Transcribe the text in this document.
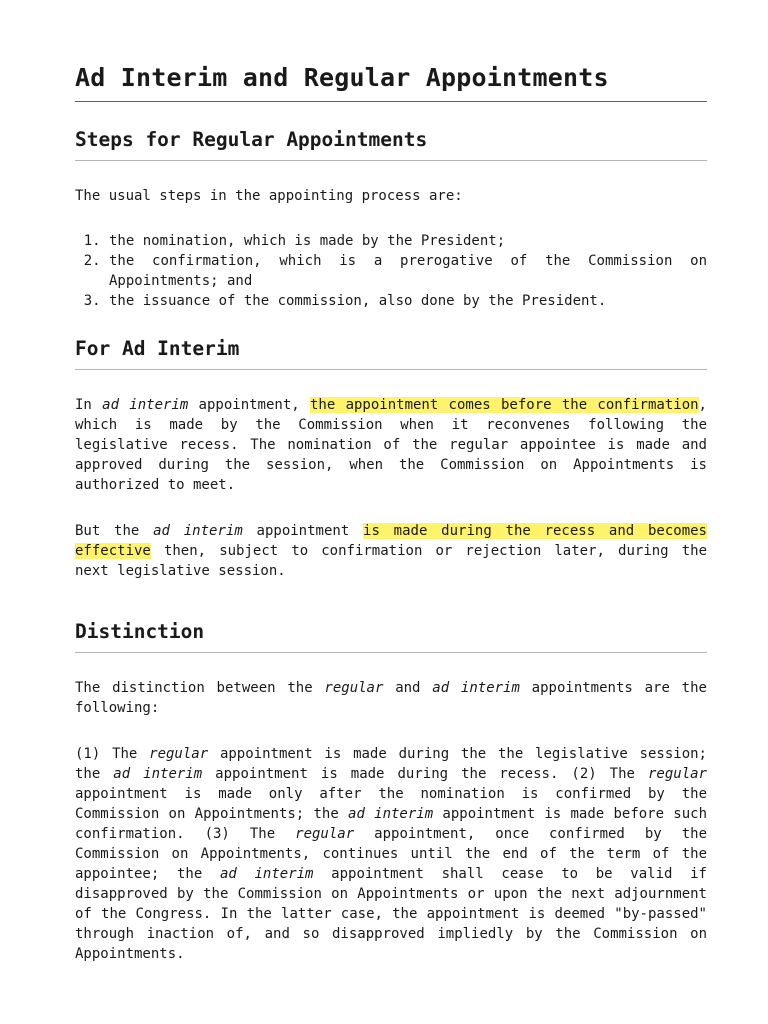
Ad Interim and Regular Appointments
Steps for Regular Appointments

The usual steps in the appointing process are:

1. the nomination, which is made by the President;
2. the confirmation, which is a prerogative of the Commission on Appointments; and
3. the issuance of the commission, also done by the President.
For Ad Interim

In ad interim appointment, the appointment comes before the confirmation, which is made by the Commission when it reconvenes following the legislative recess. The nomination of the regular appointee is made and approved during the session, when the Commission on Appointments is authorized to meet.

But the ad interim appointment is made during the recess and becomes effective then, subject to confirmation or rejection later, during the next legislative session.

Distinction

The distinction between the regular and ad interim appointments are the following:

(1) The regular appointment is made during the the legislative session; the ad interim appointment is made during the recess. (2) The regular appointment is made only after the nomination is confirmed by the Commission on Appointments; the ad interim appointment is made before such confirmation. (3) The regular appointment, once confirmed by the Commission on Appointments, continues until the end of the term of the appointee; the ad interim appointment shall cease to be valid if disapproved by the Commission on Appointments or upon the next adjournment of the Congress. In the latter case, the appointment is deemed "by-passed" through inaction of, and so disapproved impliedly by the Commission on Appointments.
